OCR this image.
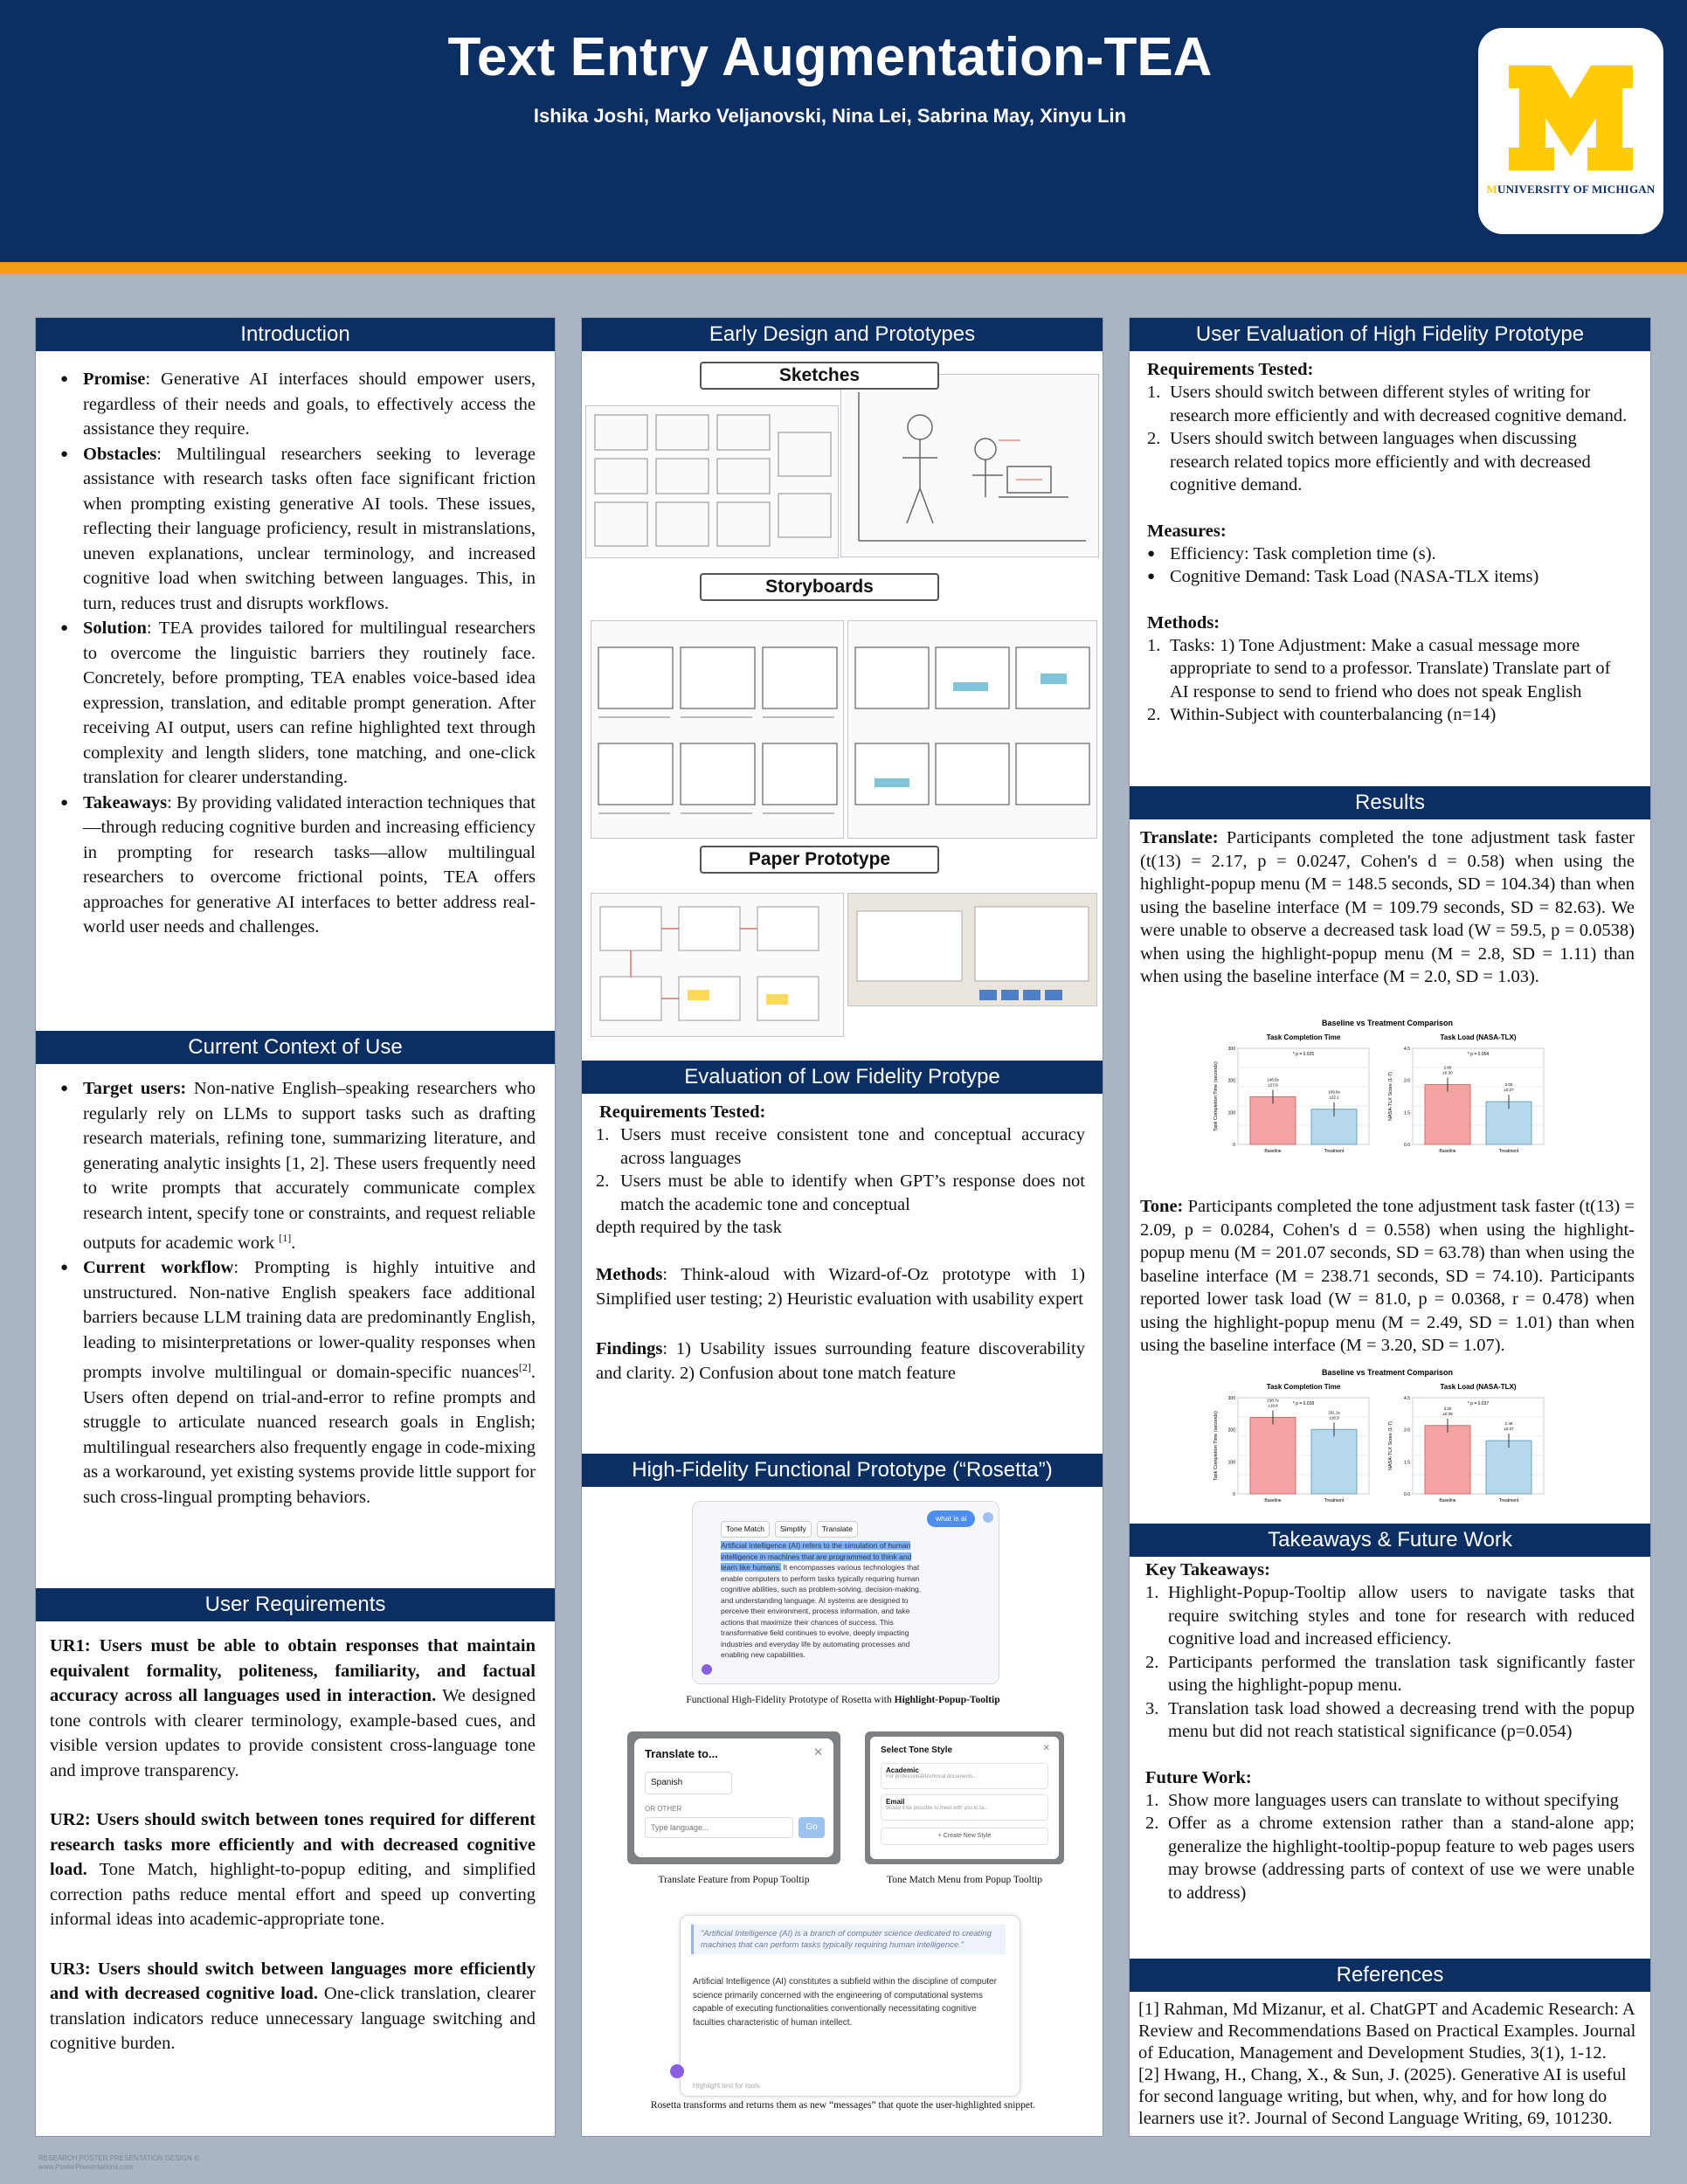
Text Entry Augmentation-TEA
Ishika Joshi, Marko Veljanovski, Nina Lei, Sabrina May, Xinyu Lin
MUNIVERSITY OF MICHIGAN
Introduction
● Promise: Generative AI interfaces should empower users, regardless of their needs and goals, to effectively access the assistance they require.
● Obstacles: Multilingual researchers seeking to leverage assistance with research tasks often face significant friction when prompting existing generative AI tools. These issues, reflecting their language proficiency, result in mistranslations, uneven explanations, unclear terminology, and increased cognitive load when switching between languages. This, in turn, reduces trust and disrupts workflows.
● Solution: TEA provides tailored for multilingual researchers to overcome the linguistic barriers they routinely face. Concretely, before prompting, TEA enables voice-based idea expression, translation, and editable prompt generation. After receiving AI output, users can refine highlighted text through complexity and length sliders, tone matching, and one-click translation for clearer understanding.
● Takeaways: By providing validated interaction techniques that—through reducing cognitive burden and increasing efficiency in prompting for research tasks—allow multilingual researchers to overcome frictional points, TEA offers approaches for generative AI interfaces to better address real-world user needs and challenges.
Current Context of Use
● Target users: Non-native English–speaking researchers who regularly rely on LLMs to support tasks such as drafting research materials, refining tone, summarizing literature, and generating analytic insights [1, 2]. These users frequently need to write prompts that accurately communicate complex research intent, specify tone or constraints, and request reliable outputs for academic work [1].
● Current workflow: Prompting is highly intuitive and unstructured. Non-native English speakers face additional barriers because LLM training data are predominantly English, leading to misinterpretations or lower-quality responses when prompts involve multilingual or domain-specific nuances[2]. Users often depend on trial-and-error to refine prompts and struggle to articulate nuanced research goals in English; multilingual researchers also frequently engage in code-mixing as a workaround, yet existing systems provide little support for such cross-lingual prompting behaviors.
User Requirements
UR1: Users must be able to obtain responses that maintain equivalent formality, politeness, familiarity, and factual accuracy across all languages used in interaction. We designed tone controls with clearer terminology, example-based cues, and visible version updates to provide consistent cross-language tone and improve transparency.
UR2: Users should switch between tones required for different research tasks more efficiently and with decreased cognitive load. Tone Match, highlight-to-popup editing, and simplified correction paths reduce mental effort and speed up converting informal ideas into academic-appropriate tone.
UR3: Users should switch between languages more efficiently and with decreased cognitive load. One-click translation, clearer translation indicators reduce unnecessary language switching and cognitive burden.
Early Design and Prototypes
Sketches
Storyboards
Paper Prototype
Evaluation of Low Fidelity Protype
Requirements Tested:
1. Users must receive consistent tone and conceptual accuracy across languages
2. Users must be able to identify when GPT’s response does not match the academic tone and conceptual
depth required by the task
Methods: Think-aloud with Wizard-of-Oz prototype with 1) Simplified user testing; 2) Heuristic evaluation with usability expert
Findings: 1) Usability issues surrounding feature discoverability and clarity. 2) Confusion about tone match feature
High-Fidelity Functional Prototype (“Rosetta”)
Tone Match	Simplify	Translate
what is ai
Artificial Intelligence (AI) refers to the simulation of human intelligence in machines that are programmed to think and learn like humans. It encompasses various technologies that enable computers to perform tasks typically requiring human cognitive abilities, such as problem-solving, decision-making, and understanding language. AI systems are designed to perceive their environment, process information, and take actions that maximize their chances of success. This transformative field continues to evolve, deeply impacting industries and everyday life by automating processes and enabling new capabilities.
Functional High-Fidelity Prototype of Rosetta with Highlight-Popup-Tooltip
Translate to...	✕
Spanish
OR OTHER
Type language...
Go
Select Tone Style	✕
Academic
For professional/technical documents...
Email
Would it be possible to meet with you to ta...
+ Create New Style
Translate Feature from Popup Tooltip	Tone Match Menu from Popup Tooltip
"Artificial Intelligence (AI) is a branch of computer science dedicated to creating machines that can perform tasks typically requiring human intelligence."
Artificial Intelligence (AI) constitutes a subfield within the discipline of computer science primarily concerned with the engineering of computational systems capable of executing functionalities conventionally necessitating cognitive faculties characteristic of human intellect.
Highlight text for tools
Rosetta transforms and returns them as new “messages” that quote the user-highlighted snippet.
User Evaluation of High Fidelity Prototype
Requirements Tested:
1. Users should switch between different styles of writing for research more efficiently and with decreased cognitive demand.
2. Users should switch between languages when discussing research related topics more efficiently and with decreased cognitive demand.
Measures:
● Efficiency: Task completion time (s).
● Cognitive Demand: Task Load (NASA-TLX items)
Methods:
1. Tasks: 1) Tone Adjustment: Make a casual message more appropriate to send to a professor. Translate) Translate part of AI response to send to friend who does not speak English
2. Within-Subject with counterbalancing (n=14)
Results
Translate: Participants completed the tone adjustment task faster (t(13) = 2.17, p = 0.0247, Cohen's d = 0.58) when using the highlight-popup menu (M = 148.5 seconds, SD = 104.34) than when using the baseline interface (M = 109.79 seconds, SD = 82.63). We were unable to observe a decreased task load (W = 59.5, p = 0.0538) when using the highlight-popup menu (M = 2.8, SD = 1.11) than when using the baseline interface (M = 2.0, SD = 1.03).
Baseline vs Treatment Comparison
Task Completion Time
Task Completion Time (seconds)
0
100
200
300
148.5s
±27.9
Baseline
109.8s
±22.1
Treatment
* p = 0.025
Task Load (NASA-TLX)
NASA-TLX Score (1-7)
0.0
1.5
3.0
4.5
2.80
±0.30
Baseline
2.00
±0.27
Treatment
* p = 0.054
Tone: Participants completed the tone adjustment task faster (t(13) = 2.09, p = 0.0284, Cohen's d = 0.558) when using the highlight-popup menu (M = 201.07 seconds, SD = 63.78) than when using the baseline interface (M = 238.71 seconds, SD = 74.10). Participants reported lower task load (W = 81.0, p = 0.0368, r = 0.478) when using the highlight-popup menu (M = 2.49, SD = 1.01) than when using the baseline interface (M = 3.20, SD = 1.07).
Baseline vs Treatment Comparison
Task Completion Time
Task Completion Time (seconds)
0
100
200
300	238.7s
±19.8
Baseline
201.1s
±16.9
Treatment
* p = 0.028
Task Load (NASA-TLX)
NASA-TLX Score (1-7)
0.0
1.5
3.0
4.5
3.20
±0.29
Baseline
2.49
±0.27
Treatment
* p = 0.037
Takeaways & Future Work
Key Takeaways:
1. Highlight-Popup-Tooltip allow users to navigate tasks that require switching styles and tone for research with reduced cognitive load and increased efficiency.
2. Participants performed the translation task significantly faster using the highlight-popup menu.
3. Translation task load showed a decreasing trend with the popup menu but did not reach statistical significance (p=0.054)
Future Work:
1. Show more languages users can translate to without specifying
2. Offer as a chrome extension rather than a stand-alone app; generalize the highlight-tooltip-popup feature to web pages users may browse (addressing parts of context of use we were unable to address)
References
[1] Rahman, Md Mizanur, et al. ChatGPT and Academic Research: A Review and Recommendations Based on Practical Examples. Journal of Education, Management and Development Studies, 3(1), 1-12.
[2] Hwang, H., Chang, X., & Sun, J. (2025). Generative AI is useful for second language writing, but when, why, and for how long do learners use it?. Journal of Second Language Writing, 69, 101230.
RESEARCH POSTER PRESENTATION DESIGN ©
www.PosterPresentations.com
